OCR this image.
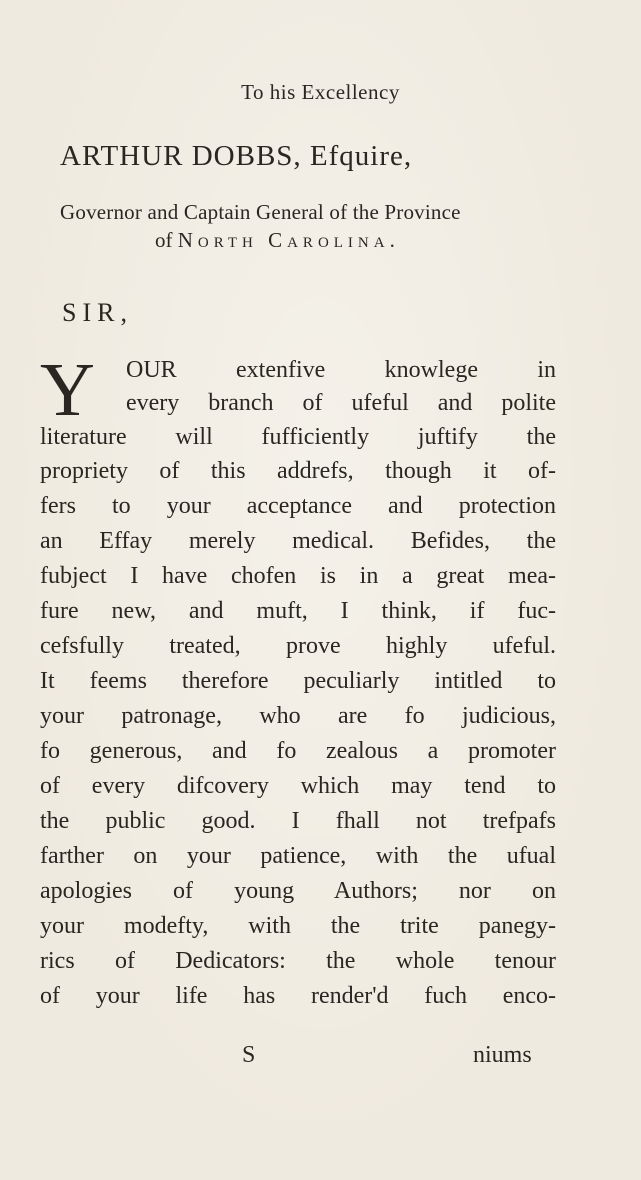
To his Excellency
ARTHUR DOBBS, Efquire,
Governor and Captain General of the Province
of North Carolina.
SIR,
Y OUR extenfive knowlege in
every branch of ufeful and polite
literature will fufficiently juftify the
propriety of this addrefs, though it of-
fers to your acceptance and protection
an Effay merely medical. Befides, the
fubject I have chofen is in a great mea-
fure new, and muft, I think, if fuc-
cefsfully treated, prove highly ufeful.
It feems therefore peculiarly intitled to
your patronage, who are fo judicious,
fo generous, and fo zealous a promoter
of every difcovery which may tend to
the public good. I fhall not trefpafs
farther on your patience, with the ufual
apologies of young Authors; nor on
your modefty, with the trite panegy-
rics of Dedicators: the whole tenour
of your life has render'd fuch enco-
S	niums
